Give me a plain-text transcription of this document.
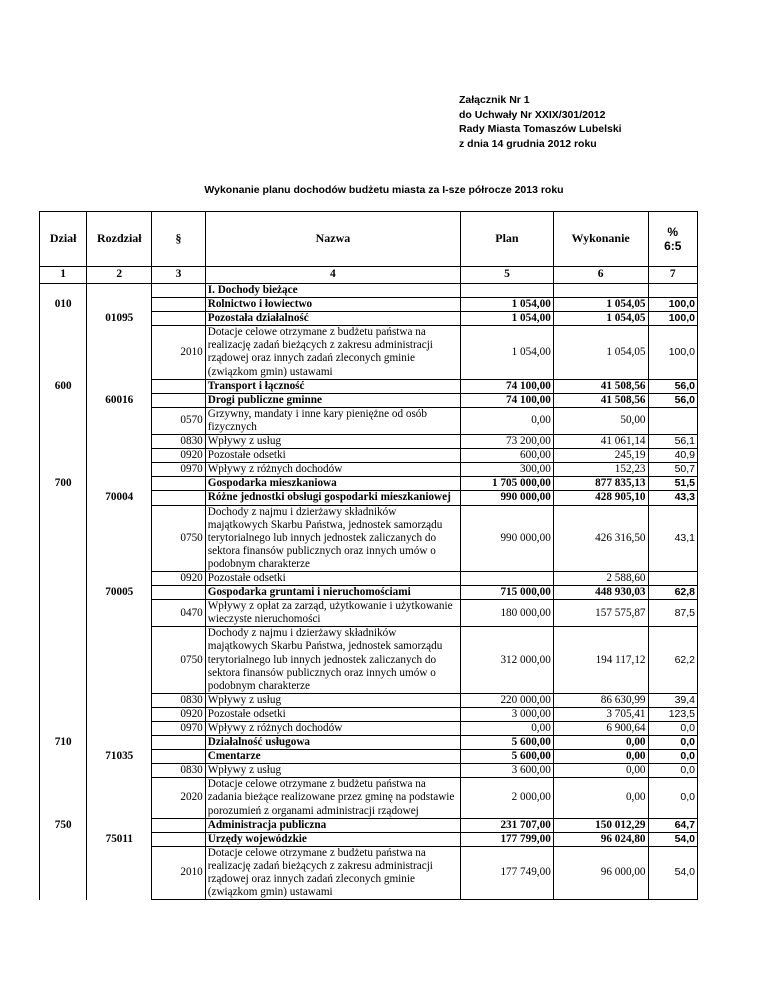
Załącznik Nr 1
do Uchwały Nr XXIX/301/2012
Rady Miasta Tomaszów Lubelski
z dnia 14 grudnia 2012 roku
Wykonanie planu dochodów budżetu miasta za I-sze półrocze 2013 roku
Dział	Rozdział	§	Nazwa	Plan	Wykonanie	%
6:5
1	2	3	4	5	6	7
			I. Dochody bieżące			
010			Rolnictwo i łowiectwo	1 054,00	1 054,05	100,0
	01095		Pozostała działalność	1 054,00	1 054,05	100,0
		2010	Dotacje celowe otrzymane z budżetu państwa na realizację zadań bieżących z zakresu administracji rządowej oraz innych zadań zleconych gminie (związkom gmin) ustawami	1 054,00	1 054,05	100,0
600			Transport i łączność	74 100,00	41 508,56	56,0
	60016		Drogi publiczne gminne	74 100,00	41 508,56	56,0
		0570	Grzywny, mandaty i inne kary pieniężne od osób fizycznych	0,00	50,00	
		0830	Wpływy z usług	73 200,00	41 061,14	56,1
		0920	Pozostałe odsetki	600,00	245,19	40,9
		0970	Wpływy z różnych dochodów	300,00	152,23	50,7
700			Gospodarka mieszkaniowa	1 705 000,00	877 835,13	51,5
	70004		Różne jednostki obsługi gospodarki mieszkaniowej	990 000,00	428 905,10	43,3
		0750	Dochody z najmu i dzierżawy składników majątkowych Skarbu Państwa, jednostek samorządu terytorialnego lub innych jednostek zaliczanych do sektora finansów publicznych oraz innych umów o podobnym charakterze	990 000,00	426 316,50	43,1
		0920	Pozostałe odsetki		2 588,60	
	70005		Gospodarka gruntami i nieruchomościami	715 000,00	448 930,03	62,8
		0470	Wpływy z opłat za zarząd, użytkowanie i użytkowanie wieczyste nieruchomości	180 000,00	157 575,87	87,5
		0750	Dochody z najmu i dzierżawy składników majątkowych Skarbu Państwa, jednostek samorządu terytorialnego lub innych jednostek zaliczanych do sektora finansów publicznych oraz innych umów o podobnym charakterze	312 000,00	194 117,12	62,2
		0830	Wpływy z usług	220 000,00	86 630,99	39,4
		0920	Pozostałe odsetki	3 000,00	3 705,41	123,5
		0970	Wpływy z różnych dochodów	0,00	6 900,64	0,0
710			Działalność usługowa	5 600,00	0,00	0,0
	71035		Cmentarze	5 600,00	0,00	0,0
		0830	Wpływy z usług	3 600,00	0,00	0,0
		2020	Dotacje celowe otrzymane z budżetu państwa na zadania bieżące realizowane przez gminę na podstawie porozumień z organami administracji rządowej	2 000,00	0,00	0,0
750			Administracja publiczna	231 707,00	150 012,29	64,7
	75011		Urzędy wojewódzkie	177 799,00	96 024,80	54,0
		2010	Dotacje celowe otrzymane z budżetu państwa na realizację zadań bieżących z zakresu administracji rządowej oraz innych zadań zleconych gminie (związkom gmin) ustawami	177 749,00	96 000,00	54,0
